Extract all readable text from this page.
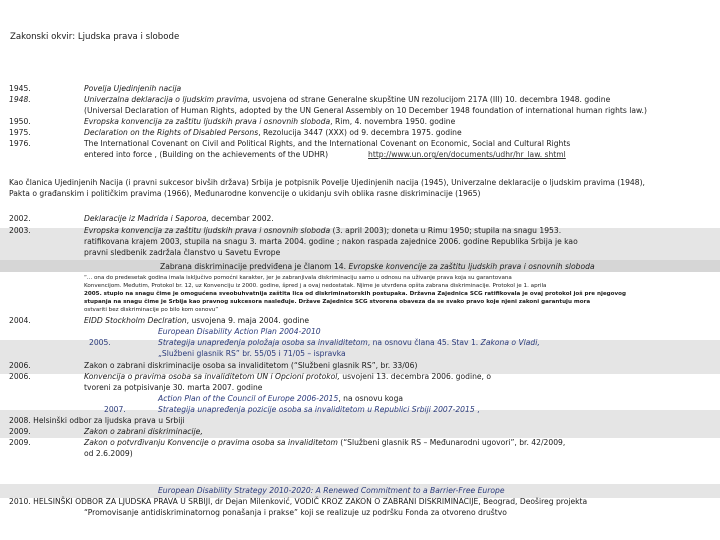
Zakonski okvir: Ljudska prava i slobode
1945.	Povelja Ujedinjenih nacija
1948.	Univerzalna deklaracija o ljudskim pravima, usvojena od strane Generalne skupštine UN rezolucijom 217A (III) 10. decembra 1948. godine
(Universal Declaration of Human Rights, adopted by the UN General Assembly on 10 December 1948 foundation of international human rights law.)
1950.	Evropska konvencija za zaštitu ljudskih prava i osnovnih sloboda, Rim, 4. novembra 1950. godine
1975.	Declaration on the Rights of Disabled Persons, Rezolucija 3447 (XXX) od 9. decembra 1975. godine
1976.	The International Covenant on Civil and Political Rights, and the International Covenant on Economic, Social and Cultural Rights
entered into force , (Building on the achievements of the UDHR)	http://www.un.org/en/documents/udhr/hr_law. shtml
Kao članica Ujedinjenih Nacija (i pravni sukcesor bivših država) Srbija je potpisnik Povelje Ujedinjenih nacija (1945), Univerzalne deklaracije o ljudskim pravima (1948),
Pakta o građanskim i političkim pravima (1966), Međunarodne konvencije o ukidanju svih oblika rasne diskriminacije (1965)
2002.	Deklaracije iz Madrida i Saporoa, decembar 2002.
2003.	Evropska konvencija za zaštitu ljudskih prava i osnovnih sloboda (3. april 2003); doneta u Rimu 1950; stupila na snagu 1953.
ratifikovana krajem 2003, stupila na snagu 3. marta 2004. godine ; nakon raspada zajednice 2006. godine Republika Srbija je kao
pravni sledbenik zadržala članstvo u Savetu Evrope
Zabrana diskriminacije predviđena je članom 14. Evropske konvencije za zaštitu ljudskih prava i osnovnih sloboda
“... ona do predesetak godina imala isključivo pomoćni karakter, jer je zabranjivala diskriminaciju samo u odnosu na uživanje prava koja su garantovana
Konvencijom. Međutim, Protokol br. 12, uz Konvenciju iz 2000. godine, špred j a ovaj nedostatak. Njime je utvrđena opšta zabrana diskriminacije. Protokol je 1. aprila
2005. stupio na snagu čime je omogućena sveobuhvatnija zaštita lica od diskriminatorskih postupaka. Državna Zajednica SCG ratifikovala je ovaj protokol još pre njegovog
stupanja na snagu čime je Srbija kao pravnog sukcesora nasleđuje. Države Zajednice SCG stvorena obaveza da se svako pravo koje njeni zakoni garantuju mora
ostvariti bez diskriminacije po bilo kom osnovu”
2004.	EIDD Stockholm Declration, usvojena 9. maja 2004. godine
European Disability Action Plan 2004-2010
2005.	Strategija unapređenja položaja osoba sa invaliditetom, na osnovu člana 45. Stav 1. Zakona o Vladi,
„Službeni glasnik RS” br. 55/05 i 71/05 – ispravka
2006.	Zakon o zabrani diskriminacije osoba sa invaliditetom (“Službeni glasnik RS”, br. 33/06)
2006.	Konvencija o pravima osoba sa invaliditetom UN i Opcioni protokol, usvojeni 13. decembra 2006. godine, o
tvoreni za potpisivanje 30. marta 2007. godine
Action Plan of the Council of Europe 2006-2015, na osnovu koga
2007.	Strategija unapređenja pozicije osoba sa invaliditetom u Republici Srbiji 2007-2015 ,
2008. Helsinški odbor za ljudska prava u Srbiji
2009.	Zakon o zabrani diskriminacije,
2009.	Zakon o potvrđivanju Konvencije o pravima osoba sa invaliditetom (“Službeni glasnik RS – Međunarodni ugovori”, br. 42/2009,
od 2.6.2009)
European Disability Strategy 2010-2020: A Renewed Commitment to a Barrier-Free Europe
2010. HELSINŠKI ODBOR ZA LJUDSKA PRAVA U SRBIJI, dr Dejan Milenković, VODIČ KROZ ZAKON O ZABRANI DISKRIMINACIJE, Beograd, Deošireg projekta
“Promovisanje antidiskriminatornog ponašanja i prakse” koji se realizuje uz podršku Fonda za otvoreno društvo
